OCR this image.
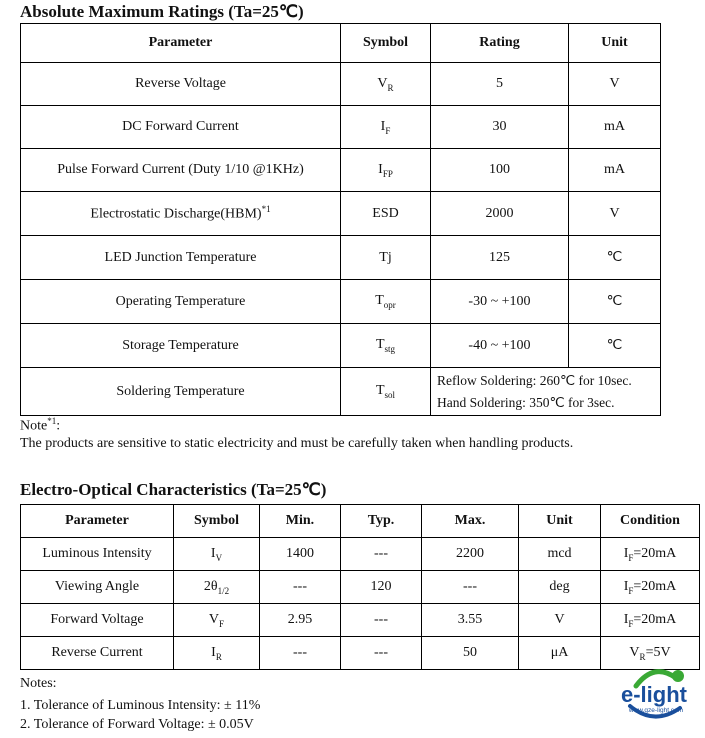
Absolute Maximum Ratings (Ta=25℃)

Parameter	Symbol	Rating	Unit
Reverse Voltage	$V_R$	5	V
DC Forward Current	$I_F$	30	mA
Pulse Forward Current (Duty 1/10 @1KHz)	$I_{FP}$	100	mA
Electrostatic Discharge(HBM)$^{*1}$	ESD	2000	V
LED Junction Temperature	Tj	125	℃
Operating Temperature	$T_{opr}$	-30 ~ +100	℃
Storage Temperature	$T_{stg}$	-40 ~ +100	℃
Soldering Temperature	$T_{sol}$	Reflow Soldering: 260℃ for 10sec.
Hand Soldering: 350℃ for 3sec.	

Note$^{*1}$:

The products are sensitive to static electricity and must be carefully taken when handling products.

Electro-Optical Characteristics (Ta=25℃)

Parameter	Symbol	Min.	Typ.	Max.	Unit	Condition
Luminous Intensity	$I_V$	1400	---	2200	mcd	$I_F=20mA$
Viewing Angle	$2\theta_{1/2}$	---	120	---	deg	$I_F=20mA$
Forward Voltage	$V_F$	2.95	---	3.55	V	$I_F=20mA$
Reverse Current	$I_R$	---	---	50	μA	$V_R=5V$

Notes:

1. Tolerance of Luminous Intensity: ± 11%

2. Tolerance of Forward Voltage: ± 0.05V

e-light
www.gze-light.com
